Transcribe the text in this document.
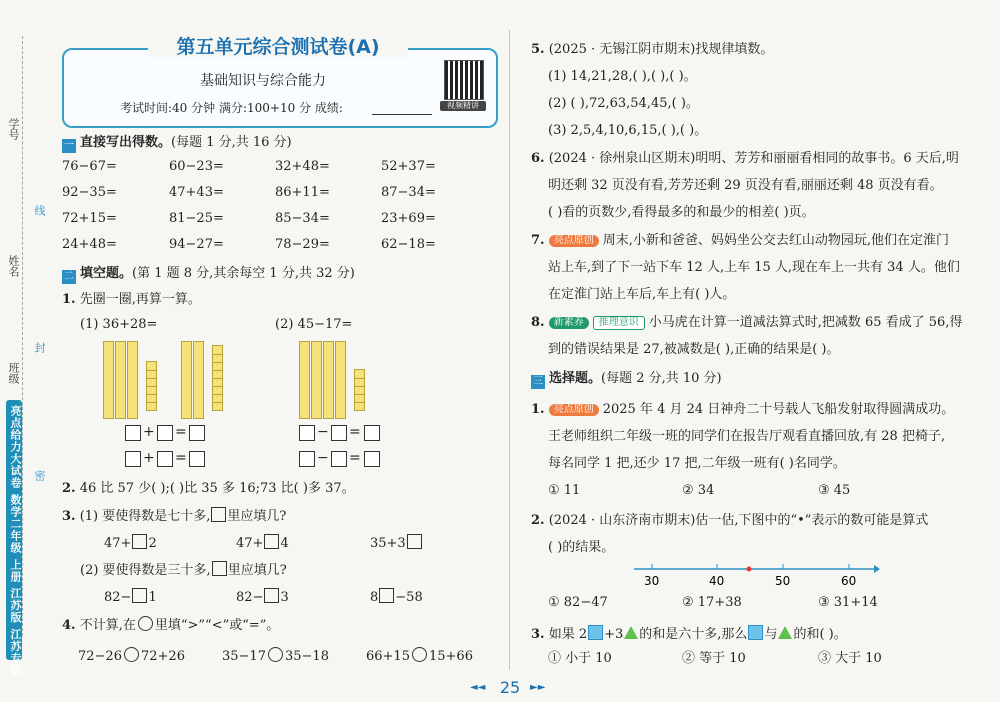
学号
姓名
班级
线
封
密
亮点给力大试卷 数学二年级 上册 江苏版 江苏专版
第五单元综合测试卷(A)
基础知识与综合能力
考试时间:40 分钟 满分:100+10 分 成绩:	视频精讲
一 直接写出得数。(每题 1 分,共 16 分)
76−67=	60−23=	32+48=	52+37=
92−35=	47+43=	86+11=	87−34=
72+15=	81−25=	85−34=	23+69=
24+48=	94−27=	78−29=	62−18=
二 填空题。(第 1 题 8 分,其余每空 1 分,共 32 分)
1. 先圈一圈,再算一算。
(1) 36+28=	(2) 45−17=
+ =
+ =
− =
− =
2. 46 比 57 少( );( )比 35 多 16;73 比( )多 37。
3. (1) 要使得数是七十多, 里应填几?
47+ 2	47+ 4	35+3
(2) 要使得数是三十多, 里应填几?
82− 1	82− 3	8 −58
4. 不计算,在 里填“>”“<”或“=”。
72−26 72+26	35−17 35−18	66+15 15+66
5. (2025 · 无锡江阴市期末)找规律填数。
(1) 14,21,28,( ),( ),( )。
(2) ( ),72,63,54,45,( )。
(3) 2,5,4,10,6,15,( ),( )。
6. (2024 · 徐州泉山区期末)明明、芳芳和丽丽看相同的故事书。6 天后,明
明还剩 32 页没有看,芳芳还剩 29 页没有看,丽丽还剩 48 页没有看。
( )看的页数少,看得最多的和最少的相差( )页。
7. 亮点原创 周末,小新和爸爸、妈妈坐公交去红山动物园玩,他们在定淮门
站上车,到了下一站下车 12 人,上车 15 人,现在车上一共有 34 人。他们
在定淮门站上车后,车上有( )人。
8. 新素养 推理意识 小马虎在计算一道减法算式时,把减数 65 看成了 56,得
到的错误结果是 27,被减数是( ),正确的结果是( )。
三 选择题。(每题 2 分,共 10 分)
1. 亮点原创 2025 年 4 月 24 日神舟二十号载人飞船发射取得圆满成功。
王老师组织二年级一班的同学们在报告厅观看直播回放,有 28 把椅子,
每名同学 1 把,还少 17 把,二年级一班有( )名同学。
① 11	② 34	③ 45
2. (2024 · 山东济南市期末)估一估,下图中的“•”表示的数可能是算式
( )的结果。
30	40	50	60
① 82−47	② 17+38	③ 31+14
3. 如果 2 +3 的和是六十多,那么 与 的和( )。
① 小于 10	② 等于 10	③ 大于 10
◄◄ 25 ►►
